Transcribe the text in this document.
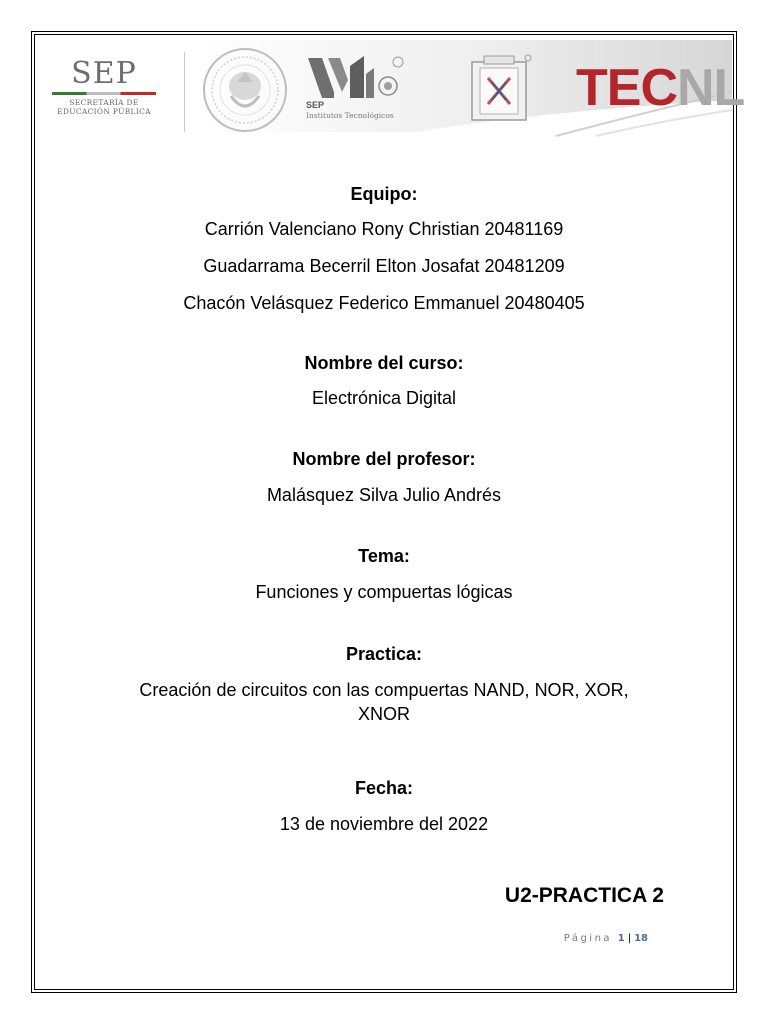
SEP
SECRETARÍA DE
EDUCACIÓN PÚBLICA
SEP
Institutos Tecnológicos	TECNL
Equipo:
Carrión Valenciano Rony Christian 20481169
Guadarrama Becerril Elton Josafat 20481209
Chacón Velásquez Federico Emmanuel 20480405
Nombre del curso:
Electrónica Digital
Nombre del profesor:
Malásquez Silva Julio Andrés
Tema:
Funciones y compuertas lógicas
Practica:
Creación de circuitos con las compuertas NAND, NOR, XOR,
XNOR
Fecha:
13 de noviembre del 2022
U2-PRACTICA 2
Página 1 | 18
